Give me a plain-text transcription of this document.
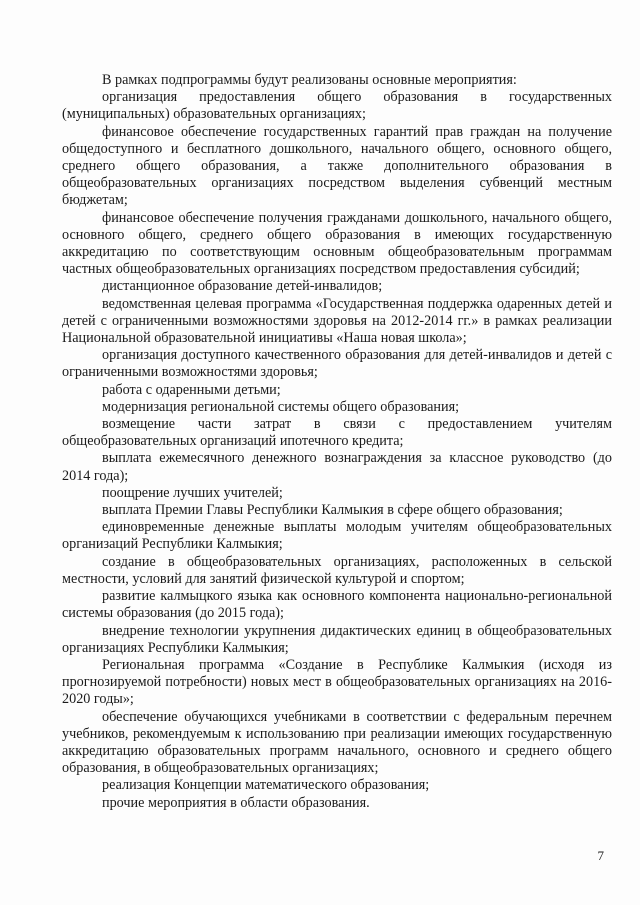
В рамках подпрограммы будут реализованы основные мероприятия:

организация предоставления общего образования в государственных (муниципальных) образовательных организациях;

финансовое обеспечение государственных гарантий прав граждан на получение общедоступного и бесплатного дошкольного, начального общего, основного общего, среднего общего образования, а также дополнительного образования в общеобразовательных организациях посредством выделения субвенций местным бюджетам;

финансовое обеспечение получения гражданами дошкольного, начального общего, основного общего, среднего общего образования в имеющих государственную аккредитацию по соответствующим основным общеобразовательным программам частных общеобразовательных организациях посредством предоставления субсидий;

дистанционное образование детей-инвалидов;

ведомственная целевая программа «Государственная поддержка одаренных детей и детей с ограниченными возможностями здоровья на 2012-2014 гг.» в рамках реализации Национальной образовательной инициативы «Наша новая школа»;

организация доступного качественного образования для детей-инвалидов и детей с ограниченными возможностями здоровья;

работа с одаренными детьми;

модернизация региональной системы общего образования;

возмещение части затрат в связи с предоставлением учителям общеобразовательных организаций ипотечного кредита;

выплата ежемесячного денежного вознаграждения за классное руководство (до 2014 года);

поощрение лучших учителей;

выплата Премии Главы Республики Калмыкия в сфере общего образования;

единовременные денежные выплаты молодым учителям общеобразовательных организаций Республики Калмыкия;

создание в общеобразовательных организациях, расположенных в сельской местности, условий для занятий физической культурой и спортом;

развитие калмыцкого языка как основного компонента национально-региональной системы образования (до 2015 года);

внедрение технологии укрупнения дидактических единиц в общеобразовательных организациях Республики Калмыкия;

Региональная программа «Создание в Республике Калмыкия (исходя из прогнозируемой потребности) новых мест в общеобразовательных организациях на 2016-2020 годы»;

обеспечение обучающихся учебниками в соответствии с федеральным перечнем учебников, рекомендуемым к использованию при реализации имеющих государственную аккредитацию образовательных программ начального, основного и среднего общего образования, в общеобразовательных организациях;

реализация Концепции математического образования;

прочие мероприятия в области образования.

7
